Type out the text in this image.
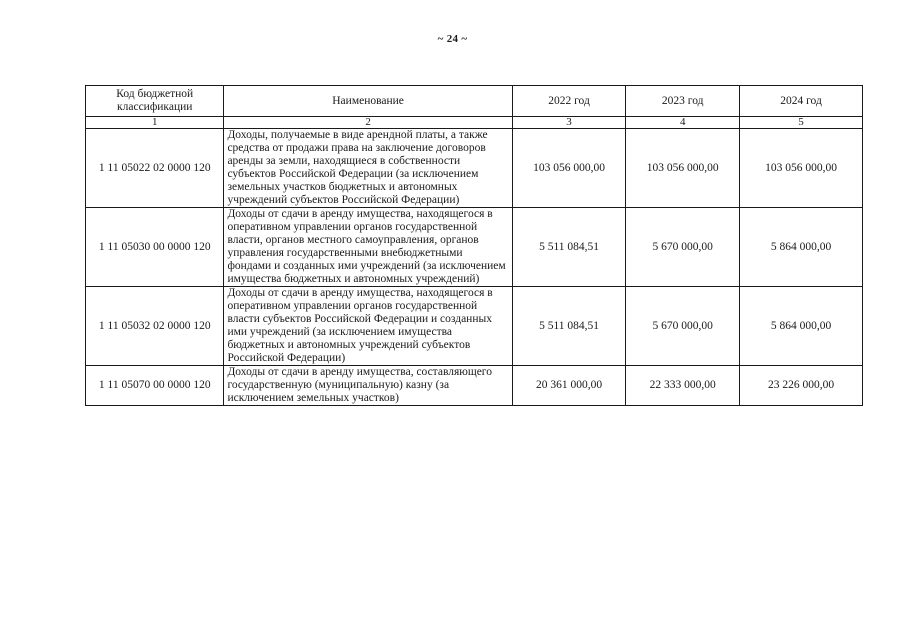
~ 24 ~
Код бюджетной классификации	Наименование	2022 год	2023 год	2024 год
1	2	3	4	5
1 11 05022 02 0000 120	Доходы, получаемые в виде арендной платы, а также средства от продажи права на заключение договоров аренды за земли, находящиеся в собственности субъектов Российской Федерации (за исключением земельных участков бюджетных и автономных учреждений субъектов Российской Федерации)	103 056 000,00	103 056 000,00	103 056 000,00
1 11 05030 00 0000 120	Доходы от сдачи в аренду имущества, находящегося в оперативном управлении органов государственной власти, органов местного самоуправления, органов управления государственными внебюджетными фондами и созданных ими учреждений (за исключением имущества бюджетных и автономных учреждений)	5 511 084,51	5 670 000,00	5 864 000,00
1 11 05032 02 0000 120	Доходы от сдачи в аренду имущества, находящегося в оперативном управлении органов государственной власти субъектов Российской Федерации и созданных ими учреждений (за исключением имущества бюджетных и автономных учреждений субъектов Российской Федерации)	5 511 084,51	5 670 000,00	5 864 000,00
1 11 05070 00 0000 120	Доходы от сдачи в аренду имущества, составляющего государственную (муниципальную) казну (за исключением земельных участков)	20 361 000,00	22 333 000,00	23 226 000,00
